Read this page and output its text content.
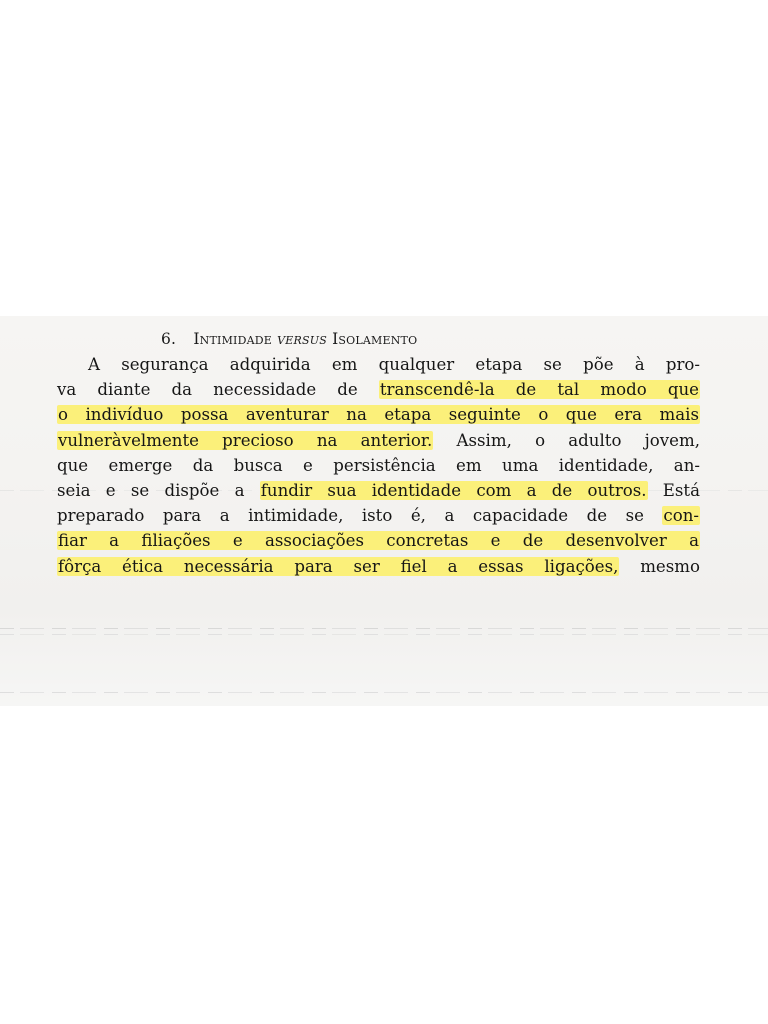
6. Intimidade versus Isolamento
A segurança adquirida em qualquer etapa se põe à pro-
va diante da necessidade de transcendê-la de tal modo que
o indivíduo possa aventurar na etapa seguinte o que era mais
vulneràvelmente precioso na anterior. Assim, o adulto jovem,
que emerge da busca e persistência em uma identidade, an-
seia e se dispõe a fundir sua identidade com a de outros. Está
preparado para a intimidade, isto é, a capacidade de se con-
fiar a filiações e associações concretas e de desenvolver a
fôrça ética necessária para ser fiel a essas ligações, mesmo
